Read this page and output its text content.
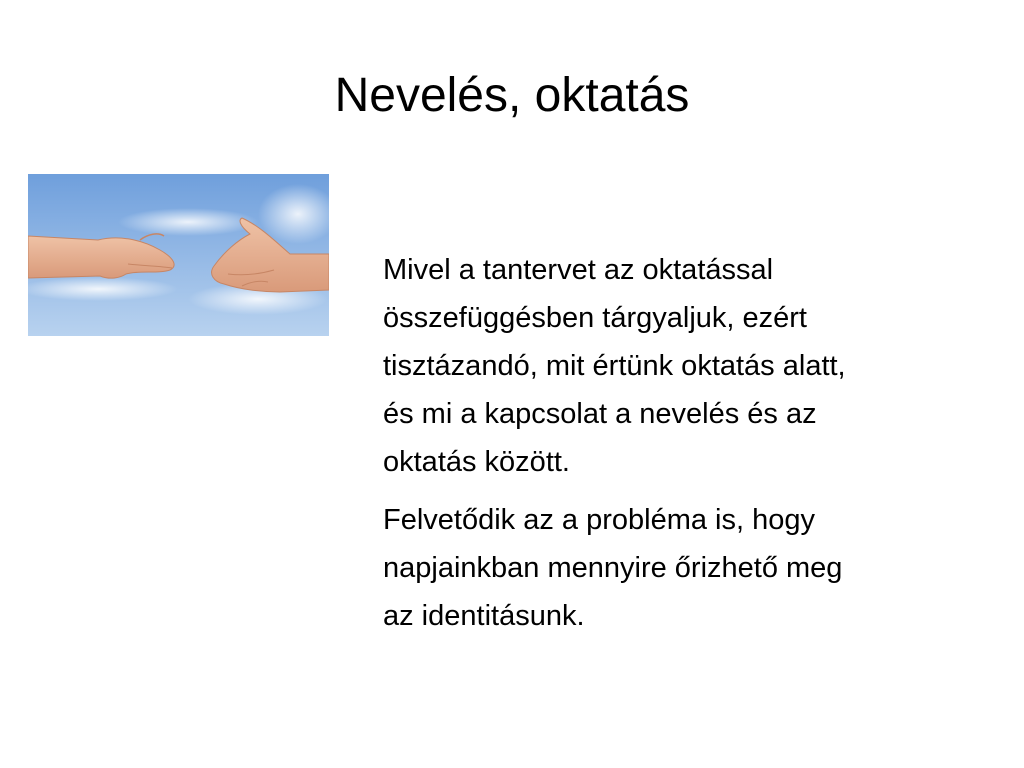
Nevelés, oktatás

Mivel a tantervet az oktatással
összefüggésben tárgyaljuk, ezért
tisztázandó, mit értünk oktatás alatt,
és mi a kapcsolat a nevelés és az
oktatás között.

Felvetődik az a probléma is, hogy
napjainkban mennyire őrizhető meg
az identitásunk.
